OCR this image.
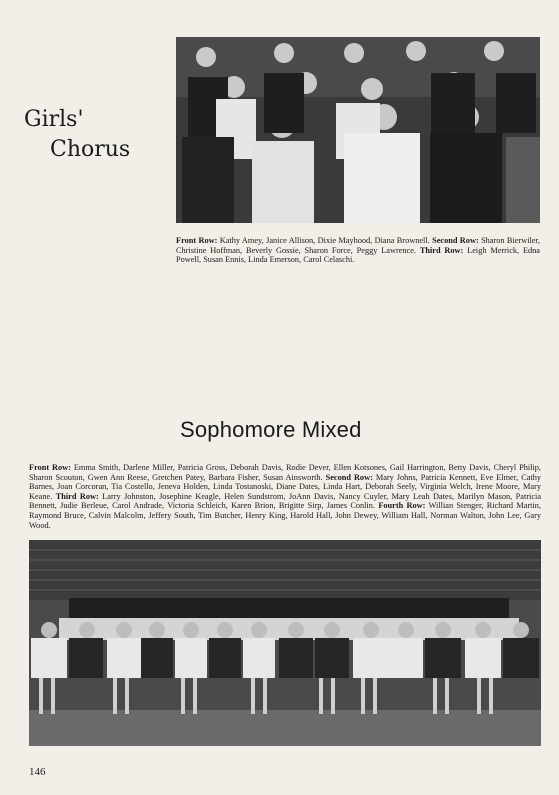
Girls'
Chorus
Front Row: Kathy Amey, Janice Allison, Dixie Mayhood, Diana Brownell. Second Row: Sharon Bierwiler, Christine Hoffman, Beverly Gossie, Sharon Force, Peggy Lawrence. Third Row: Leigh Merrick, Edna Powell, Susan Ennis, Linda Emerson, Carol Celaschi.
Sophomore Mixed
Front Row: Emma Smith, Darlene Miller, Patricia Gross, Deborah Davis, Rodie Dever, Ellen Kotsones, Gail Harrington, Betty Davis, Cheryl Philip, Sharon Scouton, Gwen Ann Reese, Gretchen Patey, Barbara Fisher, Susan Ainsworth. Second Row: Mary Johns, Patricia Kennett, Eve Elmer, Cathy Barnes, Joan Corcoran, Tia Costello, Jeneva Holden, Linda Tostanoski, Diane Dates, Linda Hart, Deborah Seely, Virginia Welch, Irene Moore, Mary Keane. Third Row: Larry Johnston, Josephine Keagle, Helen Sundstrom, JoAnn Davis, Nancy Cuyler, Mary Leah Dates, Marilyn Mason, Patricia Bennett, Judie Berleue, Carol Andrade, Victoria Schleich, Karen Brion, Brigitte Sirp, James Conlin. Fourth Row: Willian Stenger, Richard Martin, Raymond Bruce, Calvin Malcolm, Jeffery South, Tim Butcher, Henry King, Harold Hall, John Dewey, William Hall, Norman Walton, John Lee, Gary Wood.
146
